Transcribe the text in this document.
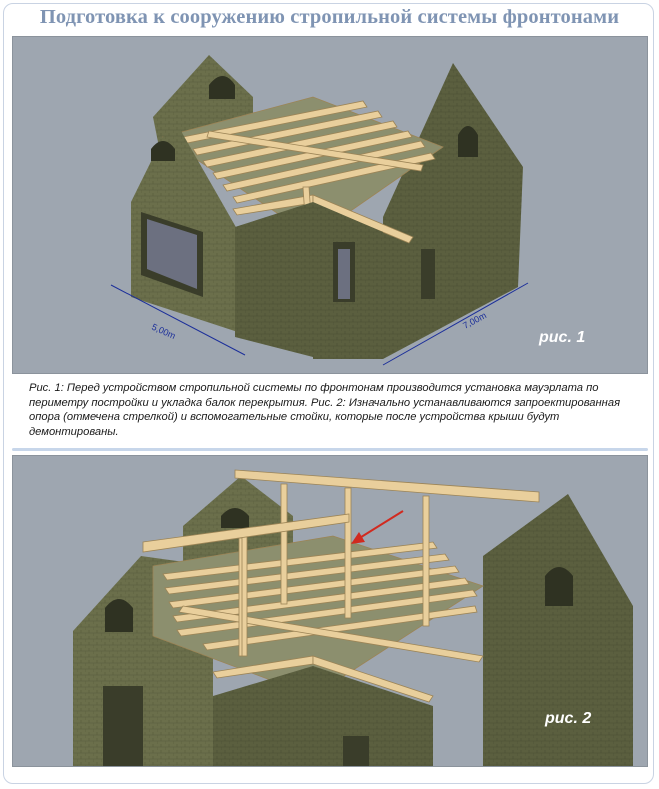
Подготовка к сооружению стропильной системы фронтонами
5,00m
7,00m
рис. 1
Рис. 1: Перед устройством стропильной системы по фронтонам производится установка мауэрлата по периметру постройки и укладка балок перекрытия. Рис. 2: Изначально устанавливаются запроектированная опора (отмечена стрелкой) и вспомогательные стойки, которые после устройства крыши будут демонтированы.
рис. 2
